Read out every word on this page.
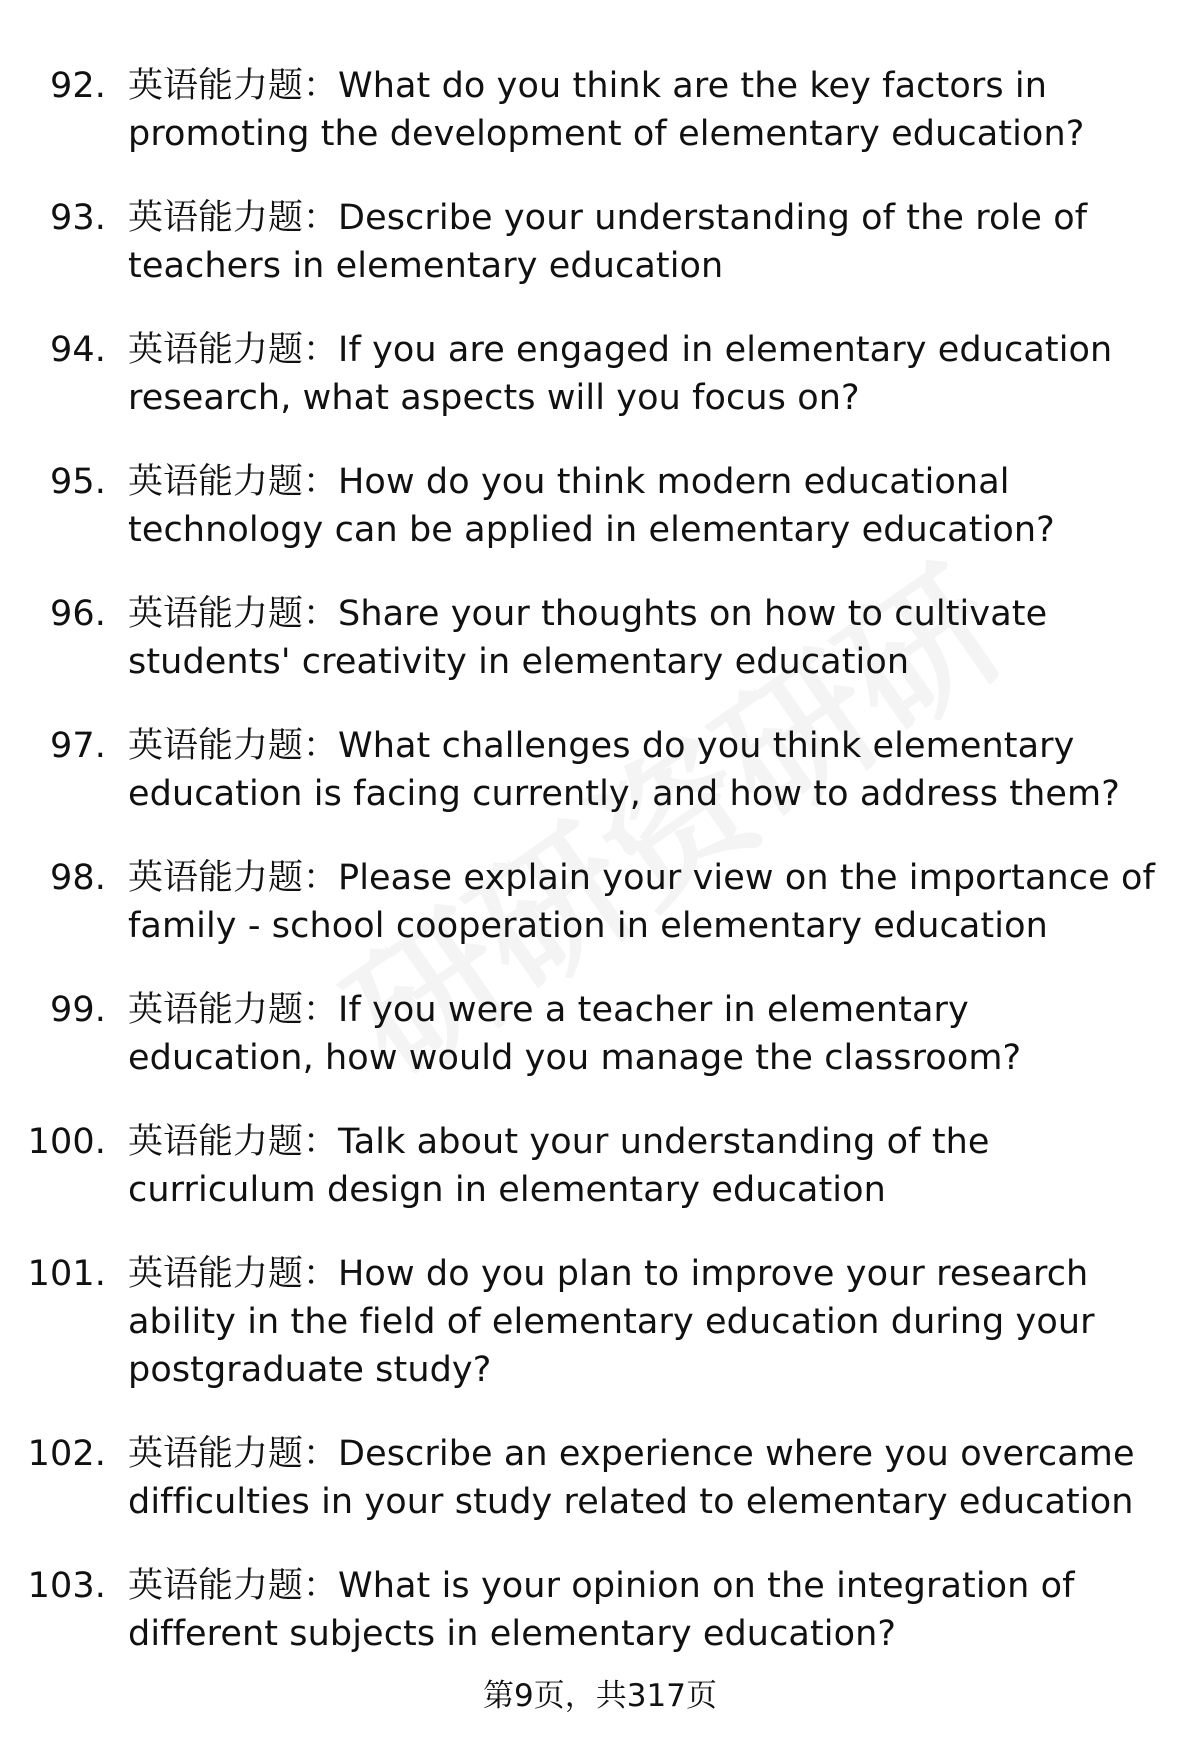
92. 英语能力题：What do you think are the key factors in promoting the development of elementary education?
93. 英语能力题：Describe your understanding of the role of teachers in elementary education
94. 英语能力题：If you are engaged in elementary education research, what aspects will you focus on?
95. 英语能力题：How do you think modern educational technology can be applied in elementary education?
96. 英语能力题：Share your thoughts on how to cultivate students' creativity in elementary education
97. 英语能力题：What challenges do you think elementary education is facing currently, and how to address them?
98. 英语能力题：Please explain your view on the importance of family - school cooperation in elementary education
99. 英语能力题：If you were a teacher in elementary education, how would you manage the classroom?
100. 英语能力题：Talk about your understanding of the curriculum design in elementary education
101. 英语能力题：How do you plan to improve your research ability in the field of elementary education during your postgraduate study?
102. 英语能力题：Describe an experience where you overcame difficulties in your study related to elementary education
103. 英语能力题：What is your opinion on the integration of different subjects in elementary education?
第9页，共317页
